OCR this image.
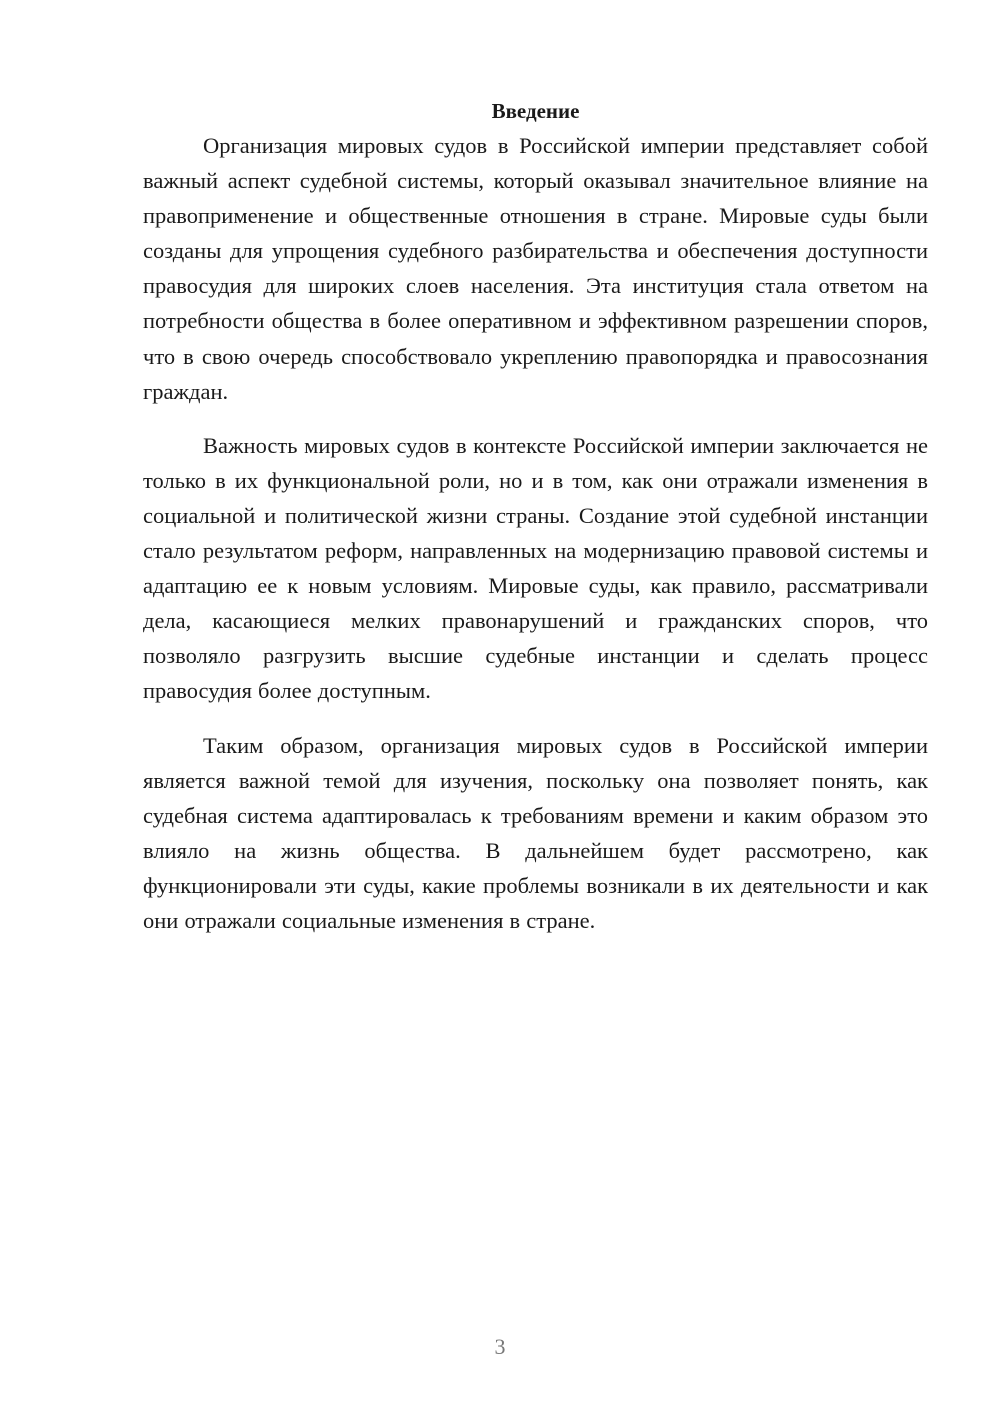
Введение

Организация мировых судов в Российской империи представляет собой важный аспект судебной системы, который оказывал значительное влияние на правоприменение и общественные отношения в стране. Мировые суды были созданы для упрощения судебного разбирательства и обеспечения доступности правосудия для широких слоев населения. Эта институция стала ответом на потребности общества в более оперативном и эффективном разрешении споров, что в свою очередь способствовало укреплению правопорядка и правосознания граждан.

Важность мировых судов в контексте Российской империи заключается не только в их функциональной роли, но и в том, как они отражали изменения в социальной и политической жизни страны. Создание этой судебной инстанции стало результатом реформ, направленных на модернизацию правовой системы и адаптацию ее к новым условиям. Мировые суды, как правило, рассматривали дела, касающиеся мелких правонарушений и гражданских споров, что позволяло разгрузить высшие судебные инстанции и сделать процесс правосудия более доступным.

Таким образом, организация мировых судов в Российской империи является важной темой для изучения, поскольку она позволяет понять, как судебная система адаптировалась к требованиям времени и каким образом это влияло на жизнь общества. В дальнейшем будет рассмотрено, как функционировали эти суды, какие проблемы возникали в их деятельности и как они отражали социальные изменения в стране.

3
